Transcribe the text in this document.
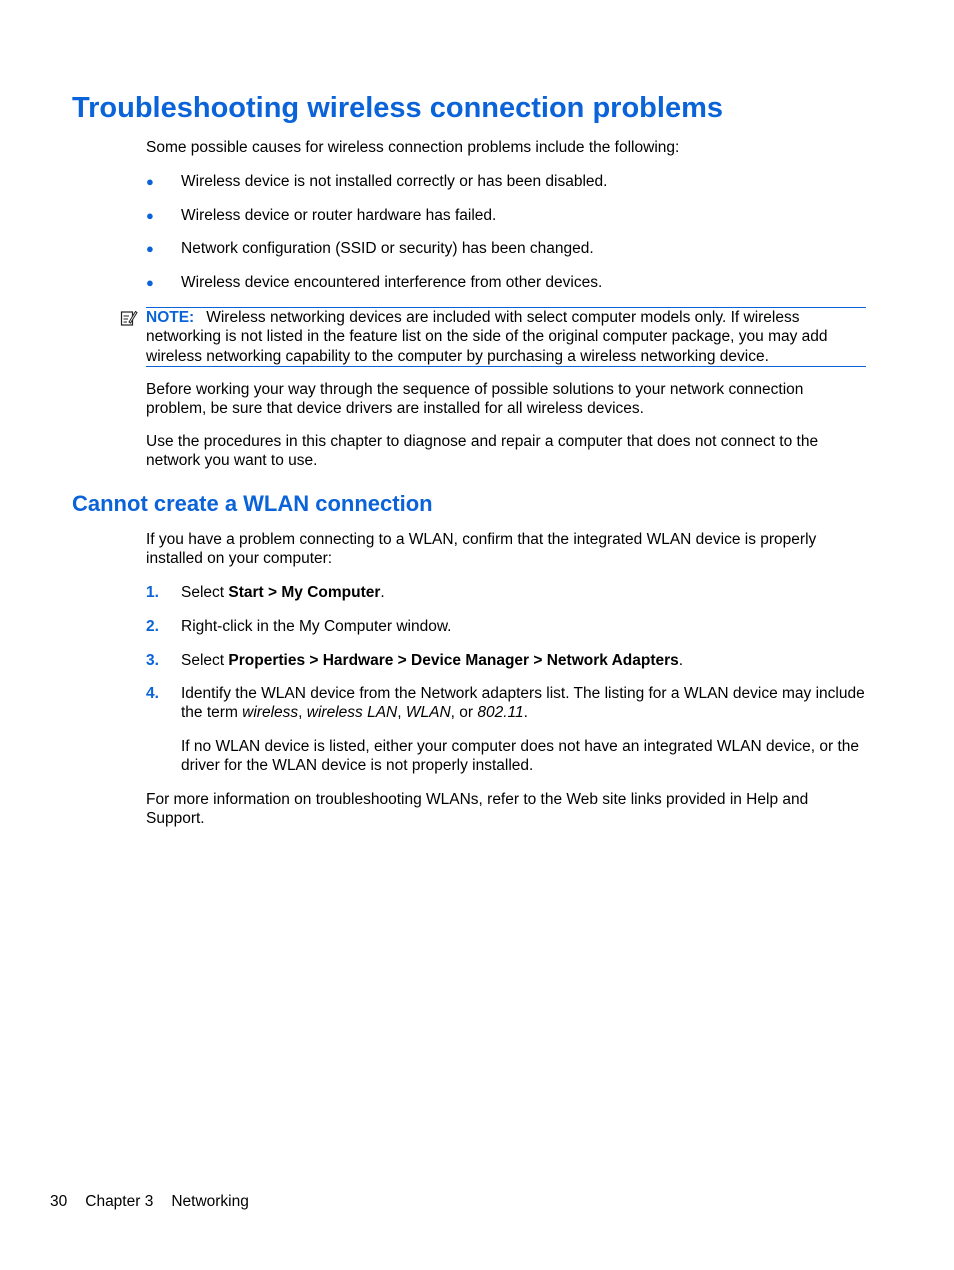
Troubleshooting wireless connection problems

Some possible causes for wireless connection problems include the following:

● Wireless device is not installed correctly or has been disabled.
● Wireless device or router hardware has failed.
● Network configuration (SSID or security) has been changed.
● Wireless device encountered interference from other devices.

NOTE: Wireless networking devices are included with select computer models only. If wireless networking is not listed in the feature list on the side of the original computer package, you may add wireless networking capability to the computer by purchasing a wireless networking device.

Before working your way through the sequence of possible solutions to your network connection problem, be sure that device drivers are installed for all wireless devices.

Use the procedures in this chapter to diagnose and repair a computer that does not connect to the network you want to use.

Cannot create a WLAN connection

If you have a problem connecting to a WLAN, confirm that the integrated WLAN device is properly installed on your computer:

1. Select Start > My Computer.
2. Right-click in the My Computer window.
3. Select Properties > Hardware > Device Manager > Network Adapters.
4. Identify the WLAN device from the Network adapters list. The listing for a WLAN device may include the term wireless, wireless LAN, WLAN, or 802.11.
If no WLAN device is listed, either your computer does not have an integrated WLAN device, or the driver for the WLAN device is not properly installed.

For more information on troubleshooting WLANs, refer to the Web site links provided in Help and Support.

30 Chapter 3 Networking
